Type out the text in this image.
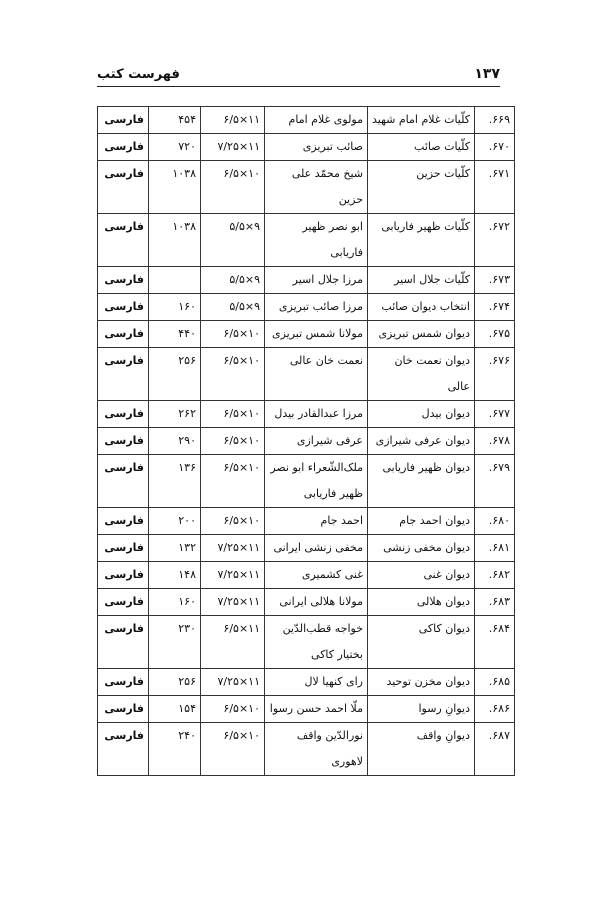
۱۳۷
فهرست کتب
۶۶۹.	کلّیات غلام امام شهید	مولوی غلام امام	۱۱×۶/۵	۴۵۴	فارسی
۶۷۰.	کلّیات صائب	صائب تبریزی	۱۱×۷/۲۵	۷۲۰	فارسی
۶۷۱.	کلّیات حزین	شیخ محمّد علی حزین	۱۰×۶/۵	۱۰۳۸	فارسی
۶۷۲.	کلّیات ظهیر فاریابی	ابو نصر ظهیر فاریابی	۹×۵/۵	۱۰۳۸	فارسی
۶۷۳.	کلّیات جلال اسیر	مرزا جلال اسیر	۹×۵/۵		فارسی
۶۷۴.	انتخاب دیوان صائب	مرزا صائب تبریزی	۹×۵/۵	۱۶۰	فارسی
۶۷۵.	دیوان شمس تبریزی	مولانا شمس تبریزی	۱۰×۶/۵	۴۴۰	فارسی
۶۷۶.	دیوان نعمت خان عالی	نعمت خان عالی	۱۰×۶/۵	۲۵۶	فارسی
۶۷۷.	دیوان بیدل	مرزا عبدالقادر بیدل	۱۰×۶/۵	۲۶۲	فارسی
۶۷۸.	دیوان عرفی شیرازی	عرفی شیرازی	۱۰×۶/۵	۲۹۰	فارسی
۶۷۹.	دیوان ظهیر فاریابی	ملک‌الشّعراء ابو نصر ظهیر فاریابی	۱۰×۶/۵	۱۳۶	فارسی
۶۸۰.	دیوان احمد جام	احمد جام	۱۰×۶/۵	۲۰۰	فارسی
۶۸۱.	دیوان مخفی زنشی	مخفی زنشی ایرانی	۱۱×۷/۲۵	۱۳۲	فارسی
۶۸۲.	دیوان غنی	غنی کشمیری	۱۱×۷/۲۵	۱۴۸	فارسی
۶۸۳.	دیوان هلالی	مولانا هلالی ایرانی	۱۱×۷/۲۵	۱۶۰	فارسی
۶۸۴.	دیوان کاکی	خواجه قطب‌الدّین بختیار کاکی	۱۱×۶/۵	۲۳۰	فارسی
۶۸۵.	دیوان مخزن توحید	رای کنهیا لال	۱۱×۷/۲۵	۲۵۶	فارسی
۶۸۶.	دیوانِ رسوا	ملّا احمد حسن رسوا	۱۰×۶/۵	۱۵۴	فارسی
۶۸۷.	دیوانِ واقف	نورالدّین واقف لاهوری	۱۰×۶/۵	۲۴۰	فارسی
